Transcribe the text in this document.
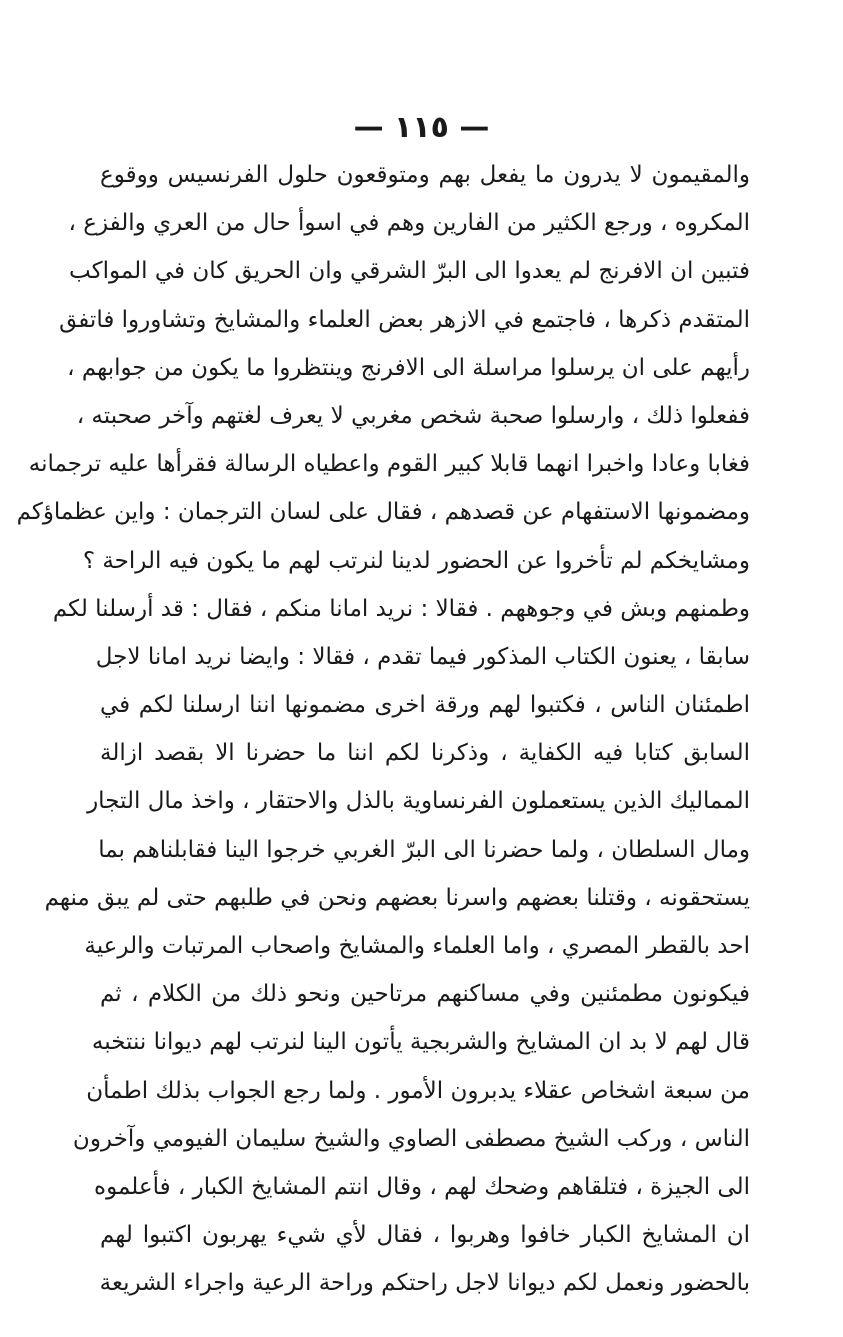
— ١١٥ —
والمقيمون لا يدرون ما يفعل بهم ومتوقعون حلول الفرنسيس ووقوع
المكروه ، ورجع الكثير من الفارين وهم في اسوأ حال من العري والفزع ،
فتبين ان الافرنج لم يعدوا الى البرّ الشرقي وان الحريق كان في المواكب
المتقدم ذكرها ، فاجتمع في الازهر بعض العلماء والمشايخ وتشاوروا فاتفق
رأيهم على ان يرسلوا مراسلة الى الافرنج وينتظروا ما يكون من جوابهم ،
ففعلوا ذلك ، وارسلوا صحبة شخص مغربي لا يعرف لغتهم وآخر صحبته ،
فغابا وعادا واخبرا انهما قابلا كبير القوم واعطياه الرسالة فقرأها عليه ترجمانه
ومضمونها الاستفهام عن قصدهم ، فقال على لسان الترجمان : واين عظماؤكم
ومشايخكم لم تأخروا عن الحضور لدينا لنرتب لهم ما يكون فيه الراحة ؟
وطمنهم وبش في وجوههم . فقالا : نريد امانا منكم ، فقال : قد أرسلنا لكم
سابقا ، يعنون الكتاب المذكور فيما تقدم ، فقالا : وايضا نريد امانا لاجل
اطمئنان الناس ، فكتبوا لهم ورقة اخرى مضمونها اننا ارسلنا لكم في
السابق كتابا فيه الكفاية ، وذكرنا لكم اننا ما حضرنا الا بقصد ازالة
المماليك الذين يستعملون الفرنساوية بالذل والاحتقار ، واخذ مال التجار
ومال السلطان ، ولما حضرنا الى البرّ الغربي خرجوا الينا فقابلناهم بما
يستحقونه ، وقتلنا بعضهم واسرنا بعضهم ونحن في طلبهم حتى لم يبق منهم
احد بالقطر المصري ، واما العلماء والمشايخ واصحاب المرتبات والرعية
فيكونون مطمئنين وفي مساكنهم مرتاحين ونحو ذلك من الكلام ، ثم
قال لهم لا بد ان المشايخ والشربجية يأتون الينا لنرتب لهم ديوانا ننتخبه
من سبعة اشخاص عقلاء يدبرون الأمور . ولما رجع الجواب بذلك اطمأن
الناس ، وركب الشيخ مصطفى الصاوي والشيخ سليمان الفيومي وآخرون
الى الجيزة ، فتلقاهم وضحك لهم ، وقال انتم المشايخ الكبار ، فأعلموه
ان المشايخ الكبار خافوا وهربوا ، فقال لأي شيء يهربون اكتبوا لهم
بالحضور ونعمل لكم ديوانا لاجل راحتكم وراحة الرعية واجراء الشريعة
